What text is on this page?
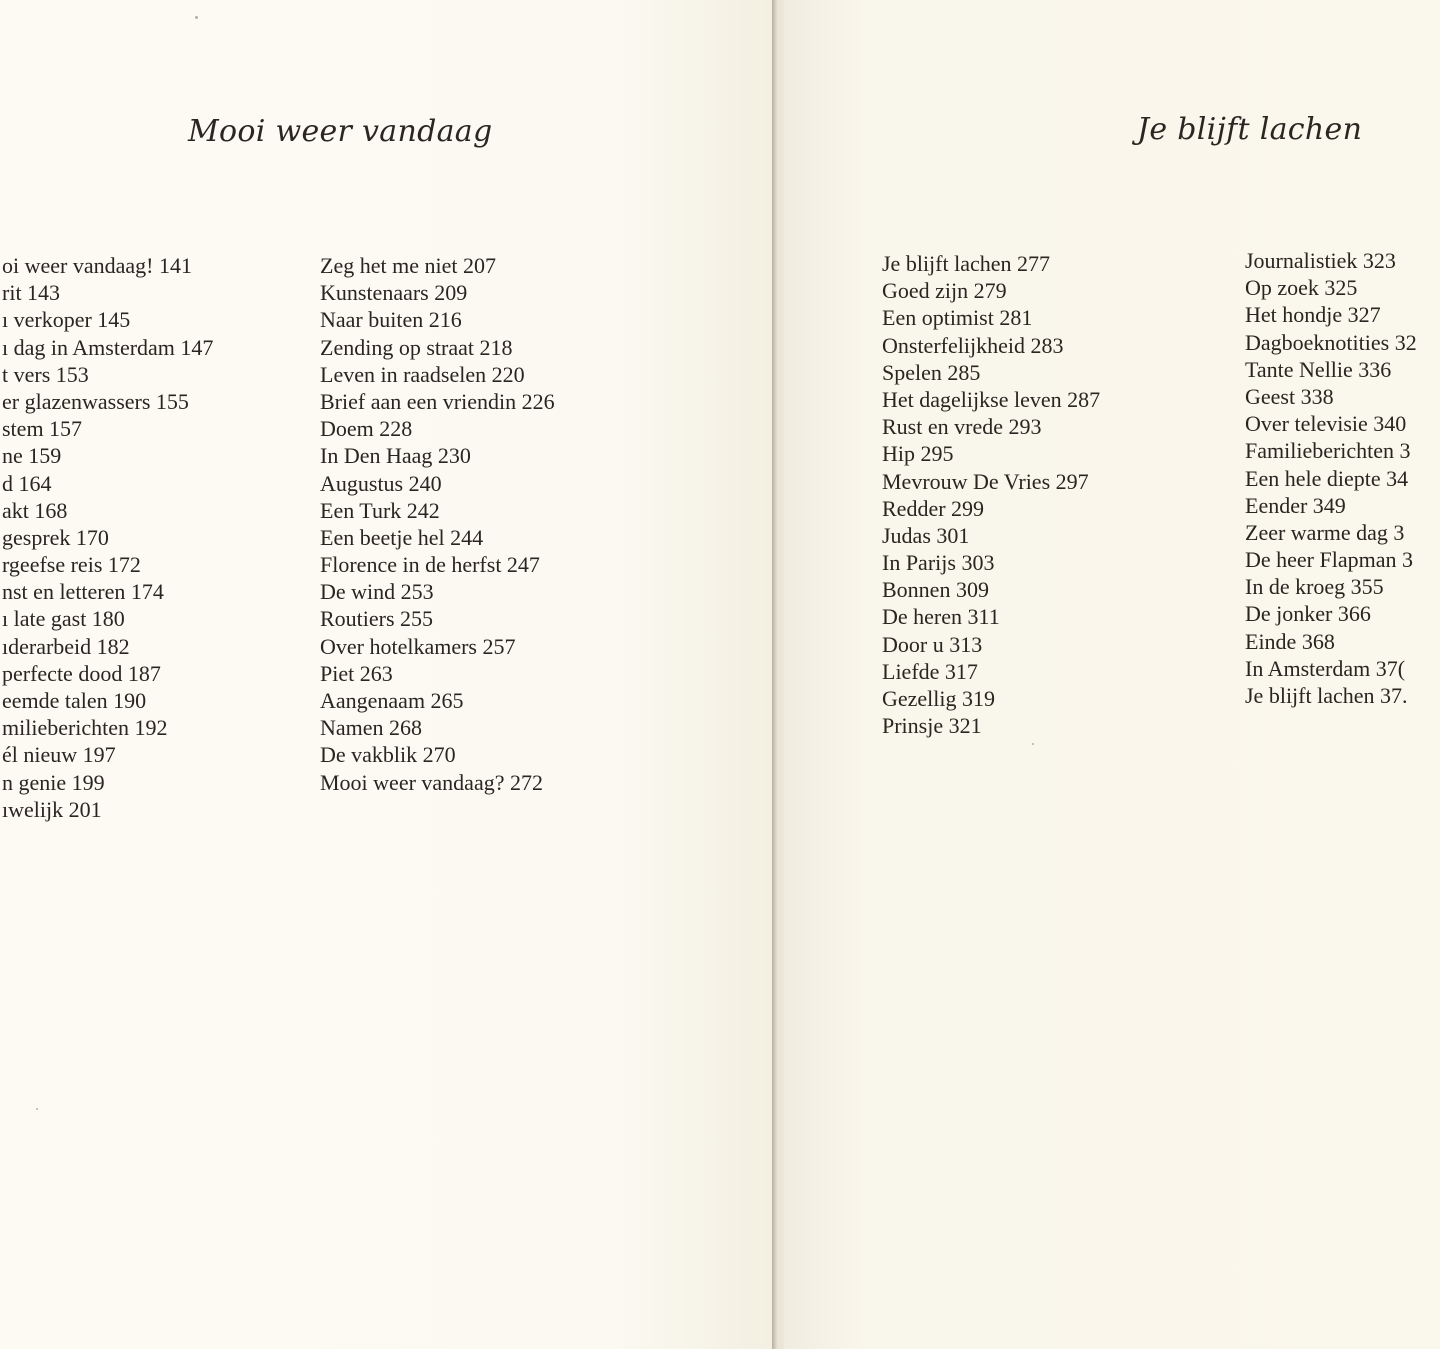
Mooi weer vandaag
oi weer vandaag! 141
rit 143
ı verkoper 145
ı dag in Amsterdam 147
t vers 153
er glazenwassers 155
stem 157
ne 159
d 164
akt 168
gesprek 170
rgeefse reis 172
nst en letteren 174
ı late gast 180
ıderarbeid 182
perfecte dood 187
eemde talen 190
milieberichten 192
él nieuw 197
n genie 199
ıwelijk 201
Zeg het me niet 207
Kunstenaars 209
Naar buiten 216
Zending op straat 218
Leven in raadselen 220
Brief aan een vriendin 226
Doem 228
In Den Haag 230
Augustus 240
Een Turk 242
Een beetje hel 244
Florence in de herfst 247
De wind 253
Routiers 255
Over hotelkamers 257
Piet 263
Aangenaam 265
Namen 268
De vakblik 270
Mooi weer vandaag? 272
Je blijft lachen
Je blijft lachen 277
Goed zijn 279
Een optimist 281
Onsterfelijkheid 283
Spelen 285
Het dagelijkse leven 287
Rust en vrede 293
Hip 295
Mevrouw De Vries 297
Redder 299
Judas 301
In Parijs 303
Bonnen 309
De heren 311
Door u 313
Liefde 317
Gezellig 319
Prinsje 321
Journalistiek 323
Op zoek 325
Het hondje 327
Dagboeknotities 32
Tante Nellie 336
Geest 338
Over televisie 340
Familieberichten 3
Een hele diepte 34
Eender 349
Zeer warme dag 3
De heer Flapman 3
In de kroeg 355
De jonker 366
Einde 368
In Amsterdam 37(
Je blijft lachen 37.
